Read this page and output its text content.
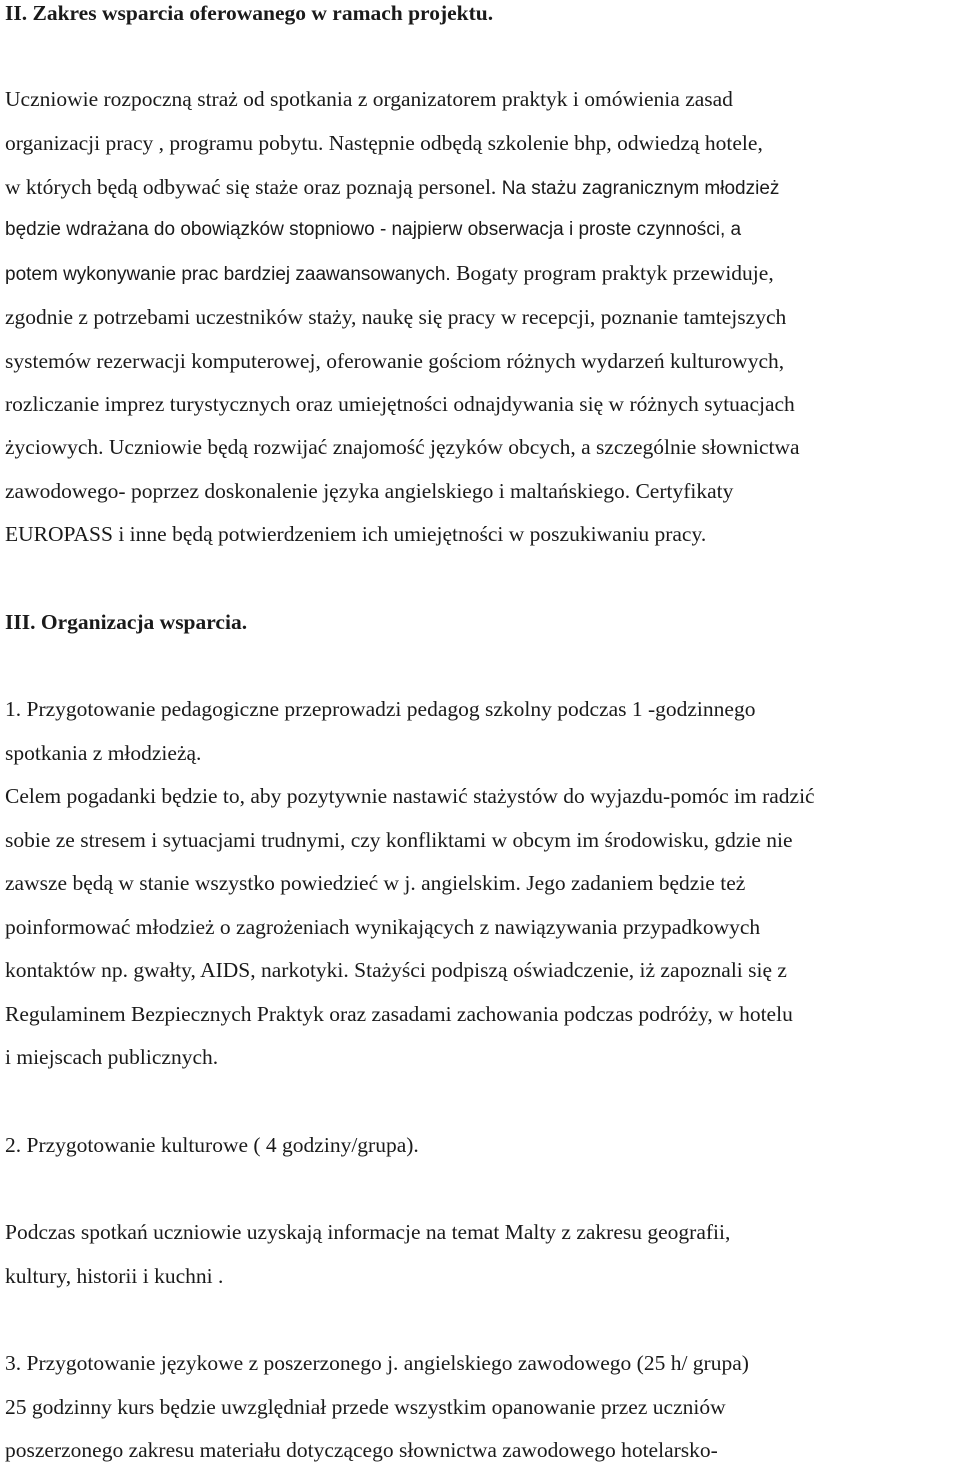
II. Zakres wsparcia oferowanego w ramach projektu.

Uczniowie rozpoczną straż od spotkania z organizatorem praktyk i omówienia zasad

organizacji pracy , programu pobytu. Następnie odbędą szkolenie bhp, odwiedzą hotele,

w których będą odbywać się staże oraz poznają personel. Na stażu zagranicznym młodzież

będzie wdrażana do obowiązków stopniowo - najpierw obserwacja i proste czynności, a

potem wykonywanie prac bardziej zaawansowanych. Bogaty program praktyk przewiduje,

zgodnie z potrzebami uczestników staży, naukę się pracy w recepcji, poznanie tamtejszych

systemów rezerwacji komputerowej, oferowanie gościom różnych wydarzeń kulturowych,

rozliczanie imprez turystycznych oraz umiejętności odnajdywania się w różnych sytuacjach

życiowych. Uczniowie będą rozwijać znajomość języków obcych, a szczególnie słownictwa

zawodowego- poprzez doskonalenie języka angielskiego i maltańskiego. Certyfikaty

EUROPASS i inne będą potwierdzeniem ich umiejętności w poszukiwaniu pracy.

III. Organizacja wsparcia.

1. Przygotowanie pedagogiczne przeprowadzi pedagog szkolny podczas 1 -godzinnego

spotkania z młodzieżą.

Celem pogadanki będzie to, aby pozytywnie nastawić stażystów do wyjazdu-pomóc im radzić

sobie ze stresem i sytuacjami trudnymi, czy konfliktami w obcym im środowisku, gdzie nie

zawsze będą w stanie wszystko powiedzieć w j. angielskim. Jego zadaniem będzie też

poinformować młodzież o zagrożeniach wynikających z nawiązywania przypadkowych

kontaktów np. gwałty, AIDS, narkotyki. Stażyści podpiszą oświadczenie, iż zapoznali się z

Regulaminem Bezpiecznych Praktyk oraz zasadami zachowania podczas podróży, w hotelu

i miejscach publicznych.

2. Przygotowanie kulturowe ( 4 godziny/grupa).

Podczas spotkań uczniowie uzyskają informacje na temat Malty z zakresu geografii,

kultury, historii i kuchni .

3. Przygotowanie językowe z poszerzonego j. angielskiego zawodowego (25 h/ grupa)

25 godzinny kurs będzie uwzględniał przede wszystkim opanowanie przez uczniów

poszerzonego zakresu materiału dotyczącego słownictwa zawodowego hotelarsko-
